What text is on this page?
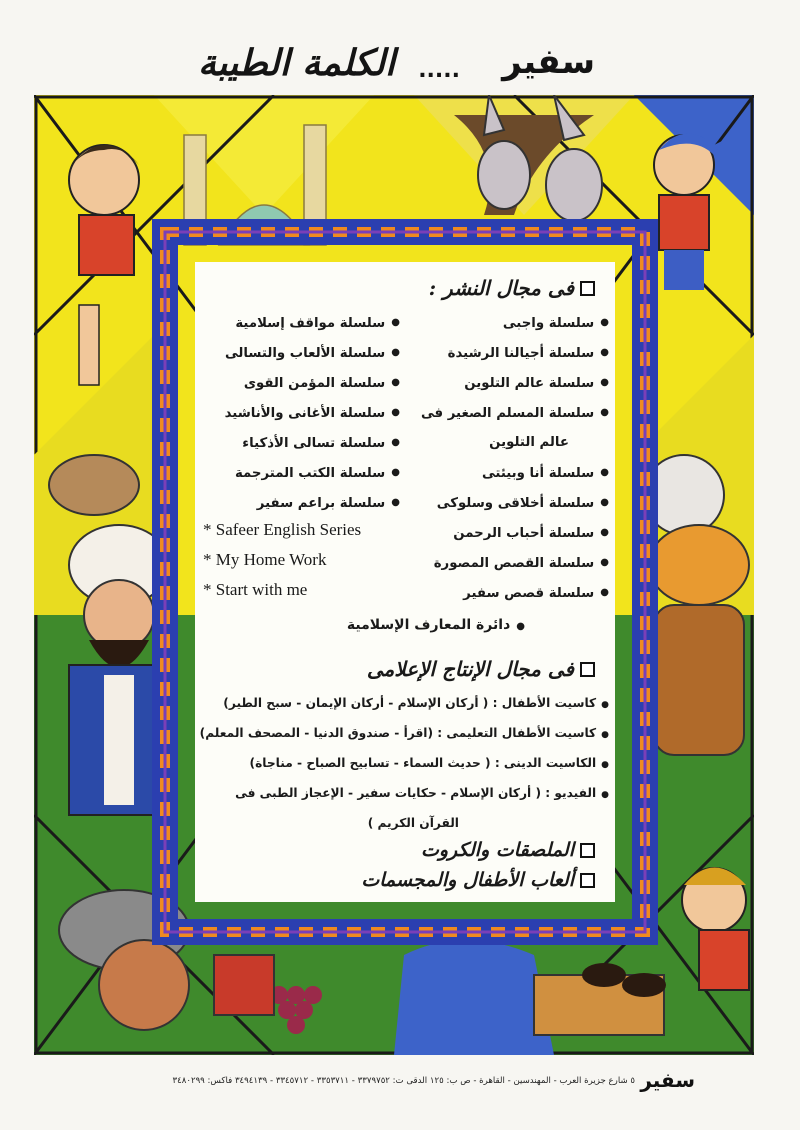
سفير
.....
الكلمة الطيبة
فى مجال النشر :
●سلسلة واجبى
●سلسلة أجيالنا الرشيدة
●سلسلة عالم التلوين
●سلسلة المسلم الصغير فى
عالم التلوين
●سلسلة أنا وبيئتى
●سلسلة أخلاقى وسلوكى
●سلسلة أحباب الرحمن
●سلسلة القصص المصورة
●سلسلة قصص سفير
●سلسلة مواقف إسلامية
●سلسلة الألعاب والتسالى
●سلسلة المؤمن القوى
●سلسلة الأغانى والأناشيد
●سلسلة تسالى الأذكياء
●سلسلة الكتب المترجمة
●سلسلة براعم سفير
* Safeer English Series
* My Home Work
* Start with me
●دائرة المعارف الإسلامية
فى مجال الإنتاج الإعلامى
●كاسيت الأطفال : ( أركان الإسلام - أركان الإيمان - سبح الطير)
●كاسيت الأطفال التعليمى : (اقرأ - صندوق الدنيا - المصحف المعلم)
●الكاسيت الدينى : ( حديث السماء - تسابيح الصباح - مناجاة)
●الفيديو : ( أركان الإسلام - حكايات سفير - الإعجاز الطبى فى
القرآن الكريم )
الملصقات والكروت
ألعاب الأطفال والمجسمات
سفير
٥ شارع جزيرة العرب - المهندسين - القاهرة - ص ب: ١٢٥ الدقى ت: ٣٣٧٩٧٥٢ - ٣٣٥٣٧١١ - ٣٣٤٥٧١٢ - ٣٤٩٤١٣٩ فاكس: ٣٤٨٠٢٩٩
